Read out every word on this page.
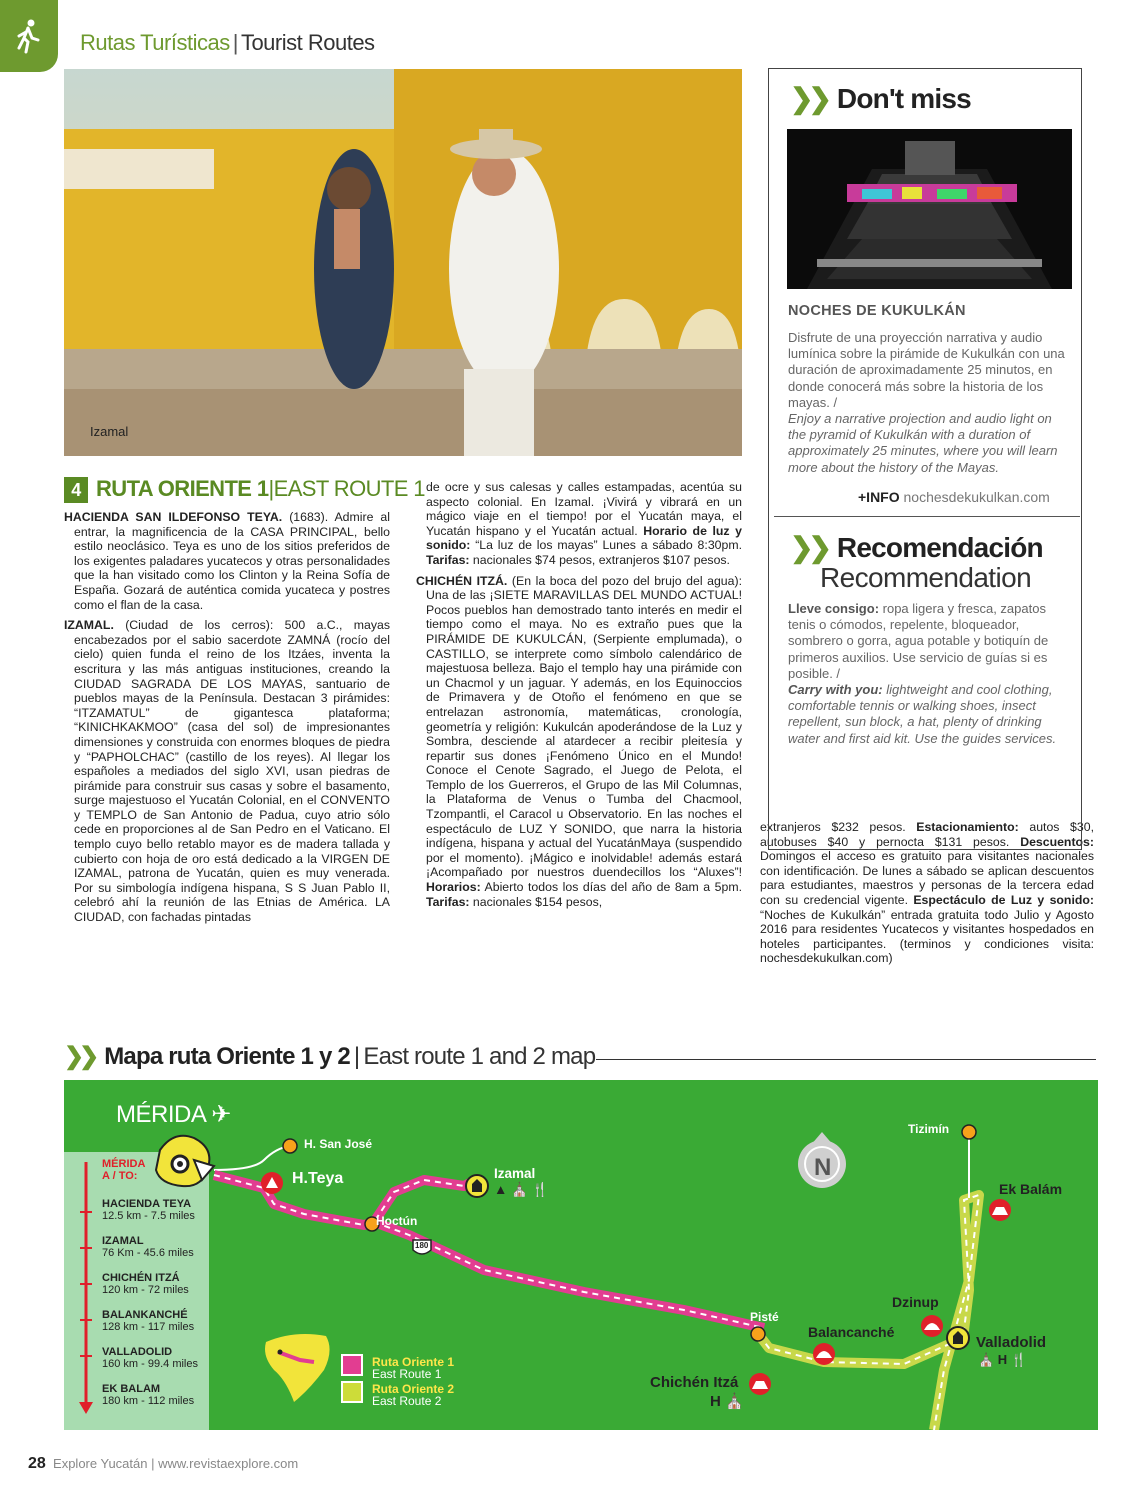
Rutas Turísticas | Tourist Routes
Izamal
4 RUTA ORIENTE 1|EAST ROUTE 1

HACIENDA SAN ILDEFONSO TEYA. (1683). Admire al entrar, la magnificencia de la CASA PRINCIPAL, bello estilo neoclásico. Teya es uno de los sitios preferidos de los exigentes paladares yucatecos y otras personalidades que la han visitado como los Clinton y la Reina Sofía de España. Gozará de auténtica comida yucateca y postres como el flan de la casa.

IZAMAL. (Ciudad de los cerros): 500 a.C., mayas encabezados por el sabio sacerdote ZAMNÁ (rocío del cielo) quien funda el reino de los Itzáes, inventa la escritura y las más antiguas instituciones, creando la CIUDAD SAGRADA DE LOS MAYAS, santuario de pueblos mayas de la Península. Destacan 3 pirámides: “ITZAMATUL” de gigantesca plataforma; “KINICHKAKMOO” (casa del sol) de impresionantes dimensiones y construida con enormes bloques de piedra y “PAPHOLCHAC” (castillo de los reyes). Al llegar los españoles a mediados del siglo XVI, usan piedras de pirámide para construir sus casas y sobre el basamento, surge majestuoso el Yucatán Colonial, en el CONVENTO y TEMPLO de San Antonio de Padua, cuyo atrio sólo cede en proporciones al de San Pedro en el Vaticano. El templo cuyo bello retablo mayor es de madera tallada y cubierto con hoja de oro está dedicado a la VIRGEN DE IZAMAL, patrona de Yucatán, quien es muy venerada. Por su simbología indígena hispana, S S Juan Pablo II, celebró ahí la reunión de las Etnias de América. LA CIUDAD, con fachadas pintadas

de ocre y sus calesas y calles estampadas, acentúa su aspecto colonial. En Izamal. ¡Vivirá y vibrará en un mágico viaje en el tiempo! por el Yucatán maya, el Yucatán hispano y el Yucatán actual. Horario de luz y sonido: “La luz de los mayas” Lunes a sábado 8:30pm. Tarifas: nacionales $74 pesos, extranjeros $107 pesos.

CHICHÉN ITZÁ. (En la boca del pozo del brujo del agua): Una de las ¡SIETE MARAVILLAS DEL MUNDO ACTUAL! Pocos pueblos han demostrado tanto interés en medir el tiempo como el maya. No es extraño pues que la PIRÁMIDE DE KUKULCÁN, (Serpiente emplumada), o CASTILLO, se interprete como símbolo calendárico de majestuosa belleza. Bajo el templo hay una pirámide con un Chacmol y un jaguar. Y además, en los Equinoccios de Primavera y de Otoño el fenómeno en que se entrelazan astronomía, matemáticas, cronología, geometría y religión: Kukulcán apoderándose de la Luz y Sombra, desciende al atardecer a recibir pleitesía y repartir sus dones ¡Fenómeno Único en el Mundo! Conoce el Cenote Sagrado, el Juego de Pelota, el Templo de los Guerreros, el Grupo de las Mil Columnas, la Plataforma de Venus o Tumba del Chacmool, Tzompantli, el Caracol u Observatorio. En las noches el espectáculo de LUZ Y SONIDO, que narra la historia indígena, hispana y actual del YucatánMaya (suspendido por el momento). ¡Mágico e inolvidable! además estará ¡Acompañado por nuestros duendecillos los “Aluxes”! Horarios: Abierto todos los días del año de 8am a 5pm. Tarifas: nacionales $154 pesos,

extranjeros $232 pesos. Estacionamiento: autos $30, autobuses $40 y pernocta $131 pesos. Descuentos: Domingos el acceso es gratuito para visitantes nacionales con identificación. De lunes a sábado se aplican descuentos para estudiantes, maestros y personas de la tercera edad con su credencial vigente. Espectáculo de Luz y sonido: “Noches de Kukulkán” entrada gratuita todo Julio y Agosto 2016 para residentes Yucatecos y visitantes hospedados en hoteles participantes. (terminos y condiciones visita: nochesdekukulkan.com)

❯❯ Don't miss
NOCHES DE KUKULKÁN
Disfrute de una proyección narrativa y audio lumínica sobre la pirámide de Kukulkán con una duración de aproximadamente 25 minutos, en donde conocerá más sobre la historia de los mayas. /
Enjoy a narrative projection and audio light on the pyramid of Kukulkán with a duration of approximately 25 minutes, where you will learn more about the history of the Mayas.
+INFO nochesdekukulkan.com
❯❯ Recomendación
Recommendation
Lleve consigo: ropa ligera y fresca, zapatos tenis o cómodos, repelente, bloqueador, sombrero o gorra, agua potable y botiquín de primeros auxilios. Use servicio de guías si es posible. /
Carry with you: lightweight and cool clothing, comfortable tennis or walking shoes, insect repellent, sun block, a hat, plenty of drinking water and first aid kit. Use the guides services.
❯❯ Mapa ruta Oriente 1 y 2 | East route 1 and 2 map
MÉRIDA ✈
MÉRIDA
A / TO:
HACIENDA TEYA
12.5 km - 7.5 miles
IZAMAL
76 Km - 45.6 miles
CHICHÉN ITZÁ
120 km - 72 miles
BALANKANCHÉ
128 km - 117 miles
VALLADOLID
160 km - 99.4 miles
EK BALAM
180 km - 112 miles
H. San José
H.Teya	Izamal
▲ ⛪ 🍴
Hoctún
180
Pisté
Balancanché
Dzinup
Valladolid
⛪ H 🍴
Chichén Itzá
H ⛪
Tizimín
Ek Balám
N
Ruta Oriente 1
East Route 1
Ruta Oriente 2
East Route 2
28 Explore Yucatán | www.revistaexplore.com
